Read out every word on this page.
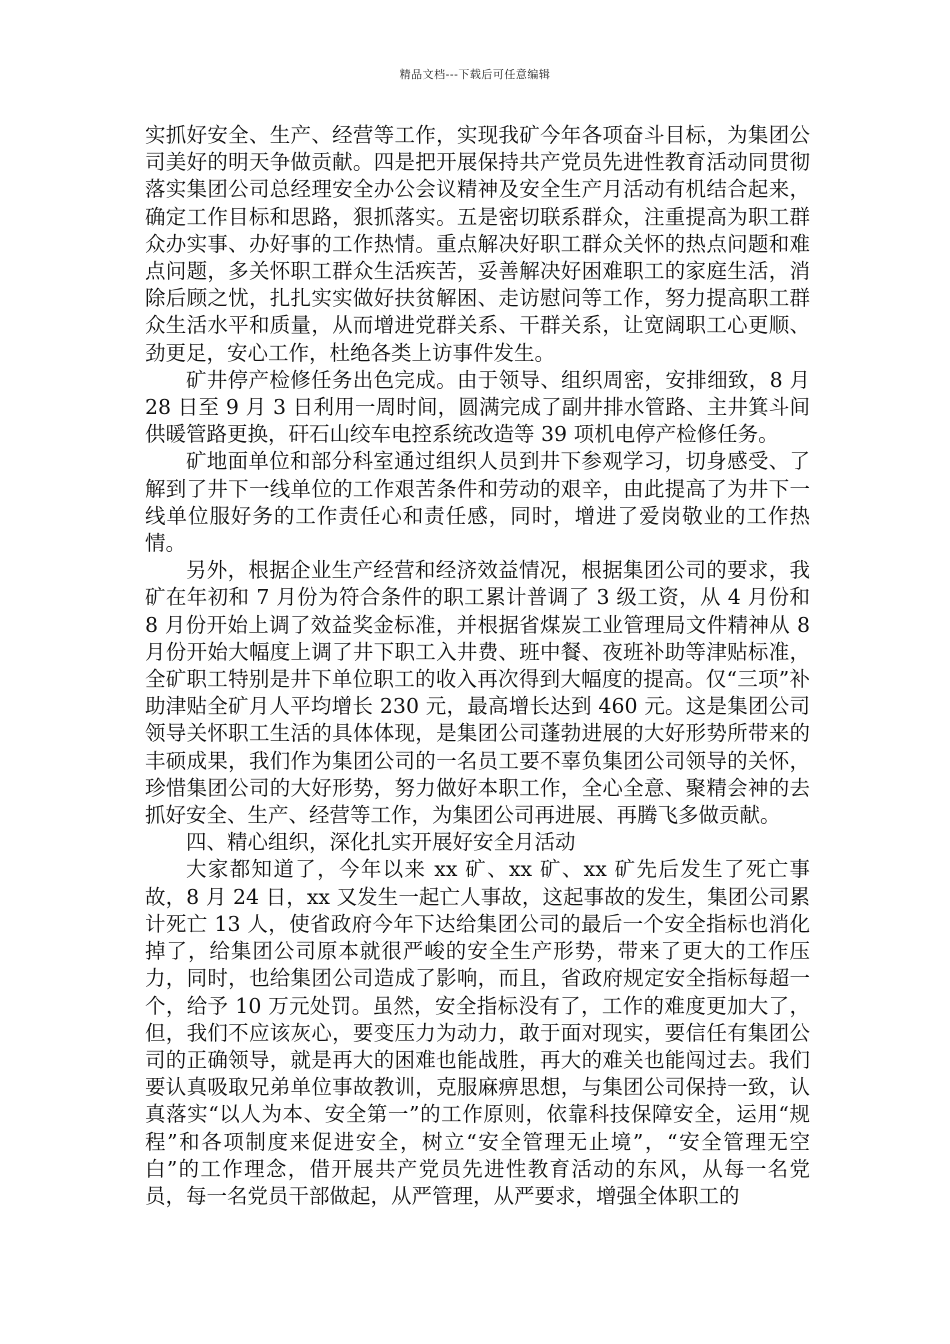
精品文档---下载后可任意编辑

实抓好安全、生产、经营等工作，实现我矿今年各项奋斗目标，为集团公司美好的明天争做贡献。四是把开展保持共产党员先进性教育活动同贯彻落实集团公司总经理安全办公会议精神及安全生产月活动有机结合起来，确定工作目标和思路，狠抓落实。五是密切联系群众，注重提高为职工群众办实事、办好事的工作热情。重点解决好职工群众关怀的热点问题和难点问题，多关怀职工群众生活疾苦，妥善解决好困难职工的家庭生活，消除后顾之忧，扎扎实实做好扶贫解困、走访慰问等工作，努力提高职工群众生活水平和质量，从而增进党群关系、干群关系，让宽阔职工心更顺、劲更足，安心工作，杜绝各类上访事件发生。

矿井停产检修任务出色完成。由于领导、组织周密，安排细致，8 月 28 日至 9 月 3 日利用一周时间，圆满完成了副井排水管路、主井箕斗间供暖管路更换，矸石山绞车电控系统改造等 39 项机电停产检修任务。

矿地面单位和部分科室通过组织人员到井下参观学习，切身感受、了解到了井下一线单位的工作艰苦条件和劳动的艰辛，由此提高了为井下一线单位服好务的工作责任心和责任感，同时，增进了爱岗敬业的工作热情。

另外，根据企业生产经营和经济效益情况，根据集团公司的要求，我矿在年初和 7 月份为符合条件的职工累计普调了 3 级工资，从 4 月份和 8 月份开始上调了效益奖金标准，并根据省煤炭工业管理局文件精神从 8 月份开始大幅度上调了井下职工入井费、班中餐、夜班补助等津贴标准，全矿职工特别是井下单位职工的收入再次得到大幅度的提高。仅“三项”补助津贴全矿月人平均增长 230 元，最高增长达到 460 元。这是集团公司领导关怀职工生活的具体体现，是集团公司蓬勃进展的大好形势所带来的丰硕成果，我们作为集团公司的一名员工要不辜负集团公司领导的关怀，珍惜集团公司的大好形势，努力做好本职工作，全心全意、聚精会神的去抓好安全、生产、经营等工作，为集团公司再进展、再腾飞多做贡献。

四、精心组织，深化扎实开展好安全月活动

大家都知道了，今年以来 xx 矿、xx 矿、xx 矿先后发生了死亡事故，8 月 24 日，xx 又发生一起亡人事故，这起事故的发生，集团公司累计死亡 13 人，使省政府今年下达给集团公司的最后一个安全指标也消化掉了，给集团公司原本就很严峻的安全生产形势，带来了更大的工作压力，同时，也给集团公司造成了影响，而且，省政府规定安全指标每超一个，给予 10 万元处罚。虽然，安全指标没有了，工作的难度更加大了，但，我们不应该灰心，要变压力为动力，敢于面对现实，要信任有集团公司的正确领导，就是再大的困难也能战胜，再大的难关也能闯过去。我们要认真吸取兄弟单位事故教训，克服麻痹思想，与集团公司保持一致，认真落实“以人为本、安全第一”的工作原则，依靠科技保障安全，运用“规程”和各项制度来促进安全，树立“安全管理无止境”，“安全管理无空白”的工作理念，借开展共产党员先进性教育活动的东风，从每一名党员，每一名党员干部做起，从严管理，从严要求，增强全体职工的
